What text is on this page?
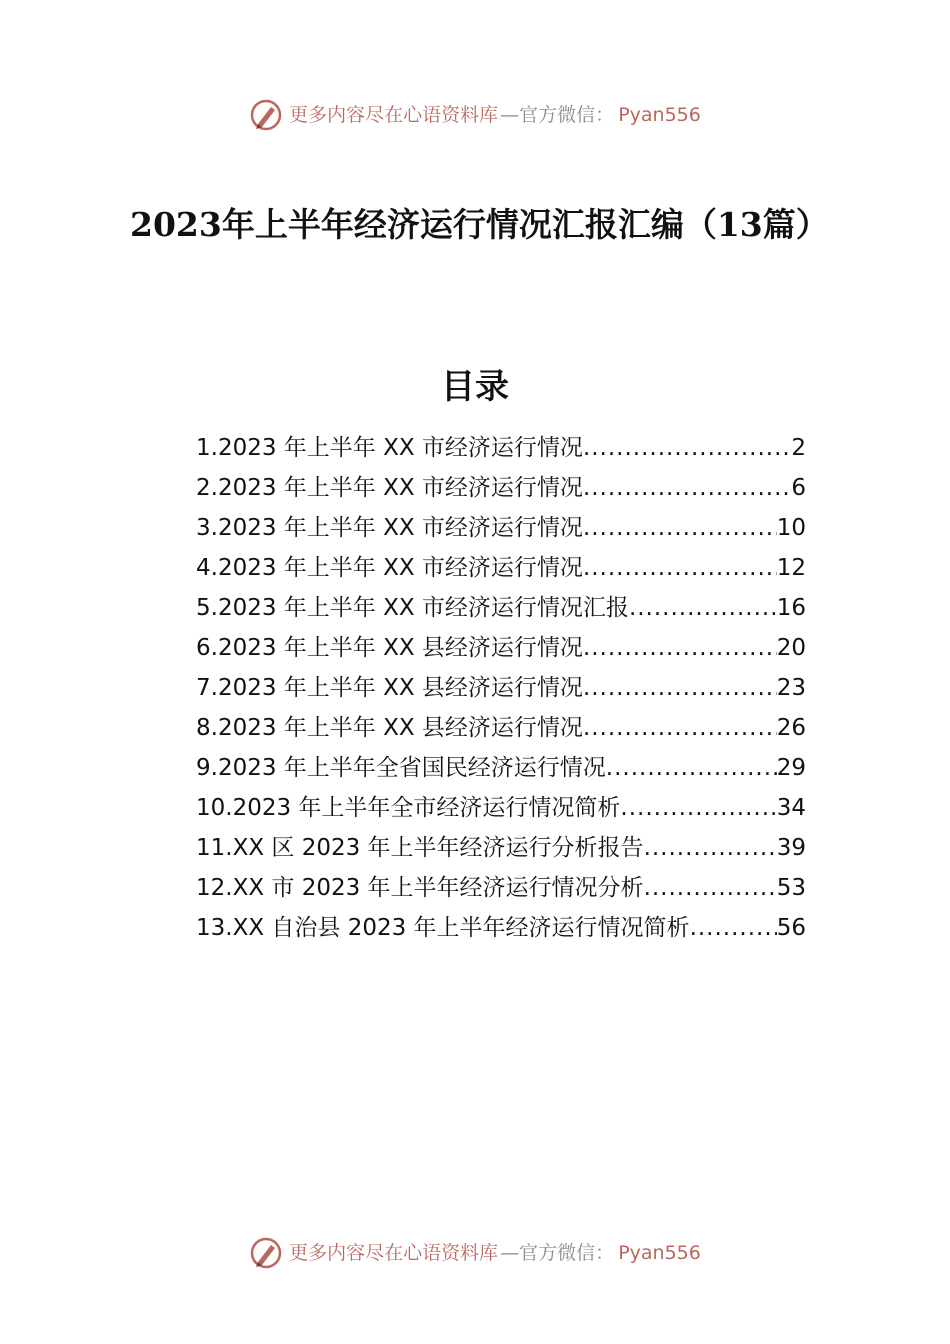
更多内容尽在心语资料库 —官方微信： Pyan556
2023年上半年经济运行情况汇报汇编（13篇）
目录
1.2023 年上半年 XX 市经济运行情况 .....	2
2.2023 年上半年 XX 市经济运行情况 .....	6
3.2023 年上半年 XX 市经济运行情况 .....	10
4.2023 年上半年 XX 市经济运行情况 .....	12
5.2023 年上半年 XX 市经济运行情况汇报 .....	16
6.2023 年上半年 XX 县经济运行情况 .....	20
7.2023 年上半年 XX 县经济运行情况 .....	23
8.2023 年上半年 XX 县经济运行情况 .....	26
9.2023 年上半年全省国民经济运行情况 .....	29
10.2023 年上半年全市经济运行情况简析 .....	34
11.XX 区 2023 年上半年经济运行分析报告 .....	39
12.XX 市 2023 年上半年经济运行情况分析 .....	53
13.XX 自治县 2023 年上半年经济运行情况简析 .....	56
更多内容尽在心语资料库 —官方微信： Pyan556
